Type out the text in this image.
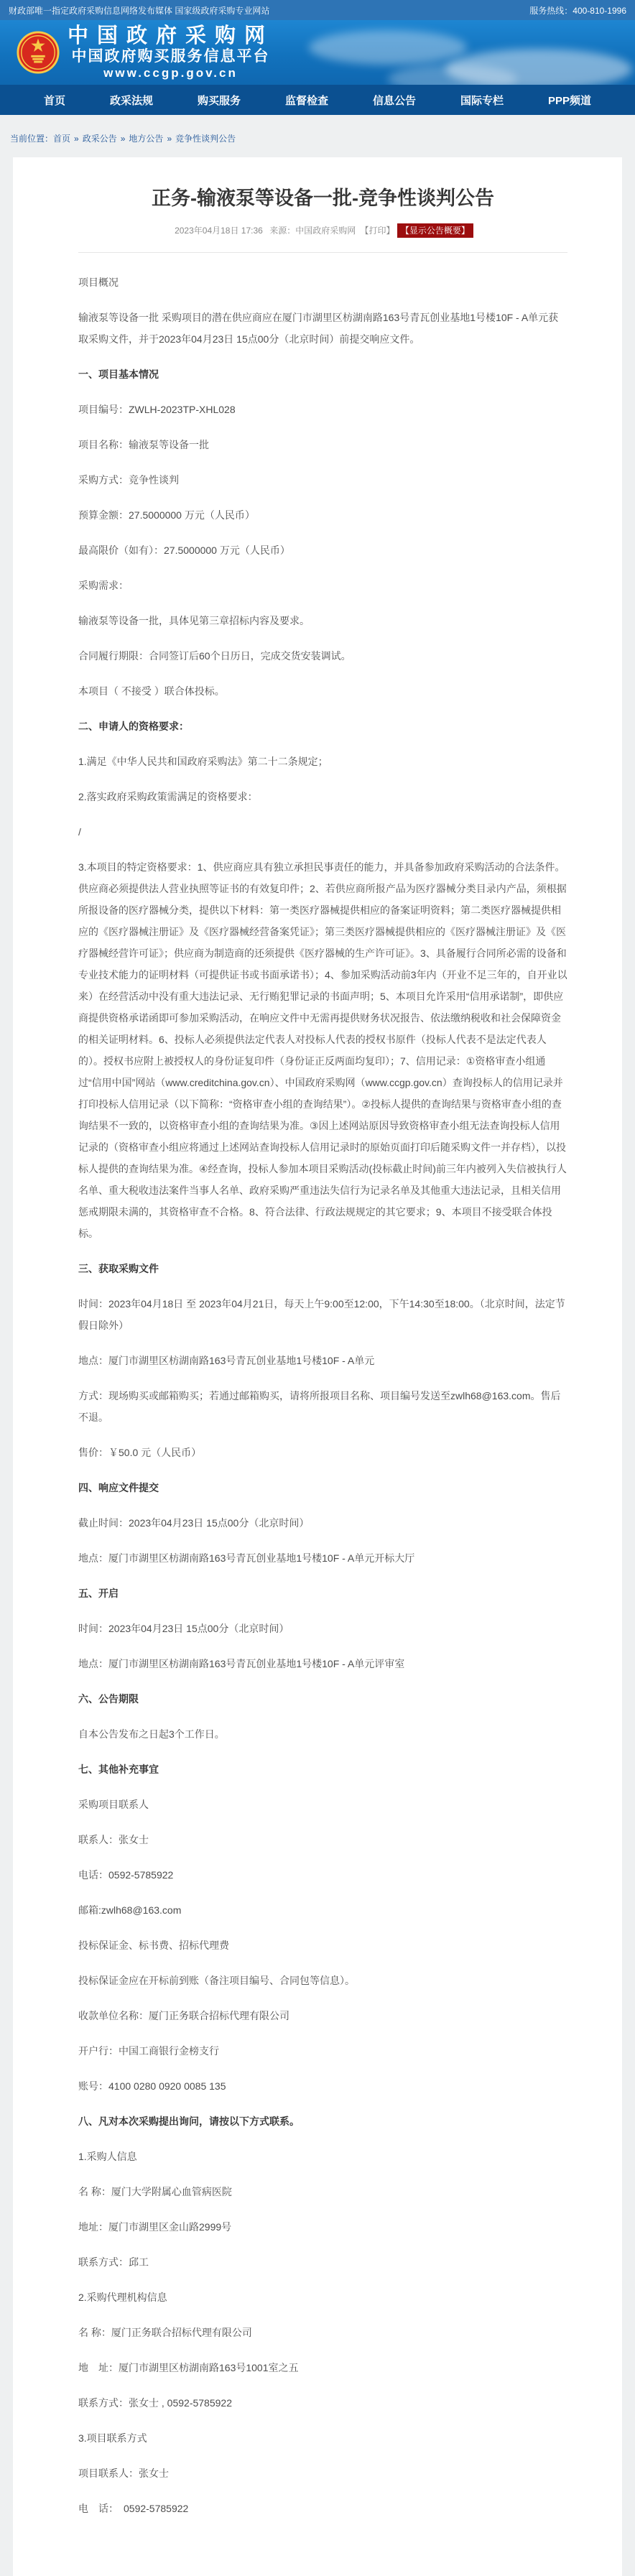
财政部唯一指定政府采购信息网络发布媒体 国家级政府采购专业网站	服务热线：400-810-1996
中国政府采购网
中国政府购买服务信息平台
www.ccgp.gov.cn
首页	政采法规	购买服务	监督检查	信息公告	国际专栏	PPP频道
当前位置：首页 » 政采公告 » 地方公告 » 竞争性谈判公告
正务-输液泵等设备一批-竞争性谈判公告
2023年04月18日 17:36 来源：中国政府采购网 【打印】 【显示公告概要】

项目概况

输液泵等设备一批 采购项目的潜在供应商应在厦门市湖里区枋湖南路163号青瓦创业基地1号楼10F - A单元获取采购文件，并于2023年04月23日 15点00分（北京时间）前提交响应文件。

一、项目基本情况

项目编号：ZWLH-2023TP-XHL028

项目名称：输液泵等设备一批

采购方式：竞争性谈判

预算金额：27.5000000 万元（人民币）

最高限价（如有）：27.5000000 万元（人民币）

采购需求：

输液泵等设备一批，具体见第三章招标内容及要求。

合同履行期限：合同签订后60个日历日，完成交货安装调试。

本项目（ 不接受 ）联合体投标。

二、申请人的资格要求：

1.满足《中华人民共和国政府采购法》第二十二条规定；

2.落实政府采购政策需满足的资格要求：

/

3.本项目的特定资格要求：1、供应商应具有独立承担民事责任的能力，并具备参加政府采购活动的合法条件。供应商必须提供法人营业执照等证书的有效复印件；2、若供应商所报产品为医疗器械分类目录内产品，须根据所报设备的医疗器械分类，提供以下材料：第一类医疗器械提供相应的备案证明资料；第二类医疗器械提供相应的《医疗器械注册证》及《医疗器械经营备案凭证》；第三类医疗器械提供相应的《医疗器械注册证》及《医疗器械经营许可证》；供应商为制造商的还须提供《医疗器械的生产许可证》。3、具备履行合同所必需的设备和专业技术能力的证明材料（可提供证书或书面承诺书）；4、参加采购活动前3年内（开业不足三年的，自开业以来）在经营活动中没有重大违法记录、无行贿犯罪记录的书面声明；5、本项目允许采用“信用承诺制”，即供应商提供资格承诺函即可参加采购活动，在响应文件中无需再提供财务状况报告、依法缴纳税收和社会保障资金的相关证明材料。6、投标人必须提供法定代表人对投标人代表的授权书原件（投标人代表不是法定代表人的）。授权书应附上被授权人的身份证复印件（身份证正反两面均复印）；7、信用记录：①资格审查小组通过“信用中国”网站（www.creditchina.gov.cn）、中国政府采购网（www.ccgp.gov.cn）查询投标人的信用记录并打印投标人信用记录（以下简称：“资格审查小组的查询结果”）。②投标人提供的查询结果与资格审查小组的查询结果不一致的，以资格审查小组的查询结果为准。③因上述网站原因导致资格审查小组无法查询投标人信用记录的（资格审查小组应将通过上述网站查询投标人信用记录时的原始页面打印后随采购文件一并存档），以投标人提供的查询结果为准。④经查询，投标人参加本项目采购活动(投标截止时间)前三年内被列入失信被执行人名单、重大税收违法案件当事人名单、政府采购严重违法失信行为记录名单及其他重大违法记录，且相关信用惩戒期限未满的，其资格审查不合格。8、符合法律、行政法规规定的其它要求；9、本项目不接受联合体投标。

三、获取采购文件

时间：2023年04月18日 至 2023年04月21日，每天上午9:00至12:00，下午14:30至18:00。（北京时间，法定节假日除外）

地点：厦门市湖里区枋湖南路163号青瓦创业基地1号楼10F - A单元

方式：现场购买或邮箱购买；若通过邮箱购买，请将所报项目名称、项目编号发送至zwlh68@163.com。售后不退。

售价：￥50.0 元（人民币）

四、响应文件提交

截止时间：2023年04月23日 15点00分（北京时间）

地点：厦门市湖里区枋湖南路163号青瓦创业基地1号楼10F - A单元开标大厅

五、开启

时间：2023年04月23日 15点00分（北京时间）

地点：厦门市湖里区枋湖南路163号青瓦创业基地1号楼10F - A单元评审室

六、公告期限

自本公告发布之日起3个工作日。

七、其他补充事宜

采购项目联系人

联系人：张女士

电话：0592-5785922

邮箱:zwlh68@163.com

投标保证金、标书费、招标代理费

投标保证金应在开标前到账（备注项目编号、合同包等信息）。

收款单位名称：厦门正务联合招标代理有限公司

开户行：中国工商银行金榜支行

账号：4100 0280 0920 0085 135

八、凡对本次采购提出询问，请按以下方式联系。

1.采购人信息

名 称：厦门大学附属心血管病医院

地址：厦门市湖里区金山路2999号

联系方式：邱工

2.采购代理机构信息

名 称：厦门正务联合招标代理有限公司

地　址：厦门市湖里区枋湖南路163号1001室之五

联系方式：张女士 , 0592-5785922

3.项目联系方式

项目联系人：张女士

电　话：　0592-5785922
